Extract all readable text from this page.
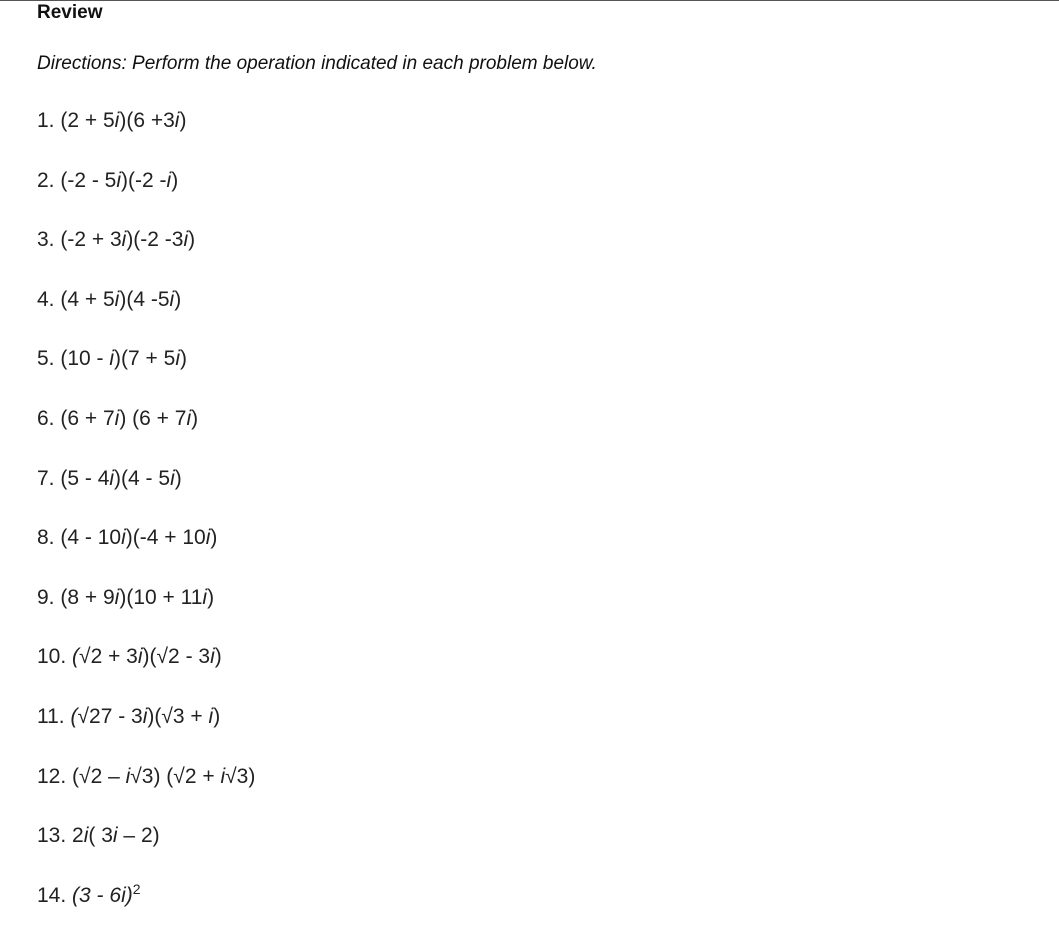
Review
Directions: Perform the operation indicated in each problem below.
1. (2 + 5i)(6 +3i)
2. (-2 - 5i)(-2 -i)
3. (-2 + 3i)(-2 -3i)
4. (4 + 5i)(4 -5i)
5. (10 - i)(7 + 5i)
6. (6 + 7i) (6 + 7i)
7. (5 - 4i)(4 - 5i)
8. (4 - 10i)(-4 + 10i)
9. (8 + 9i)(10 + 11i)
10. (√2 + 3i)(√2 - 3i)
11. (√27 - 3i)(√3 + i)
12. (√2 – i√3) (√2 + i√3)
13. 2i( 3i – 2)
14. (3 - 6i)$^2$
